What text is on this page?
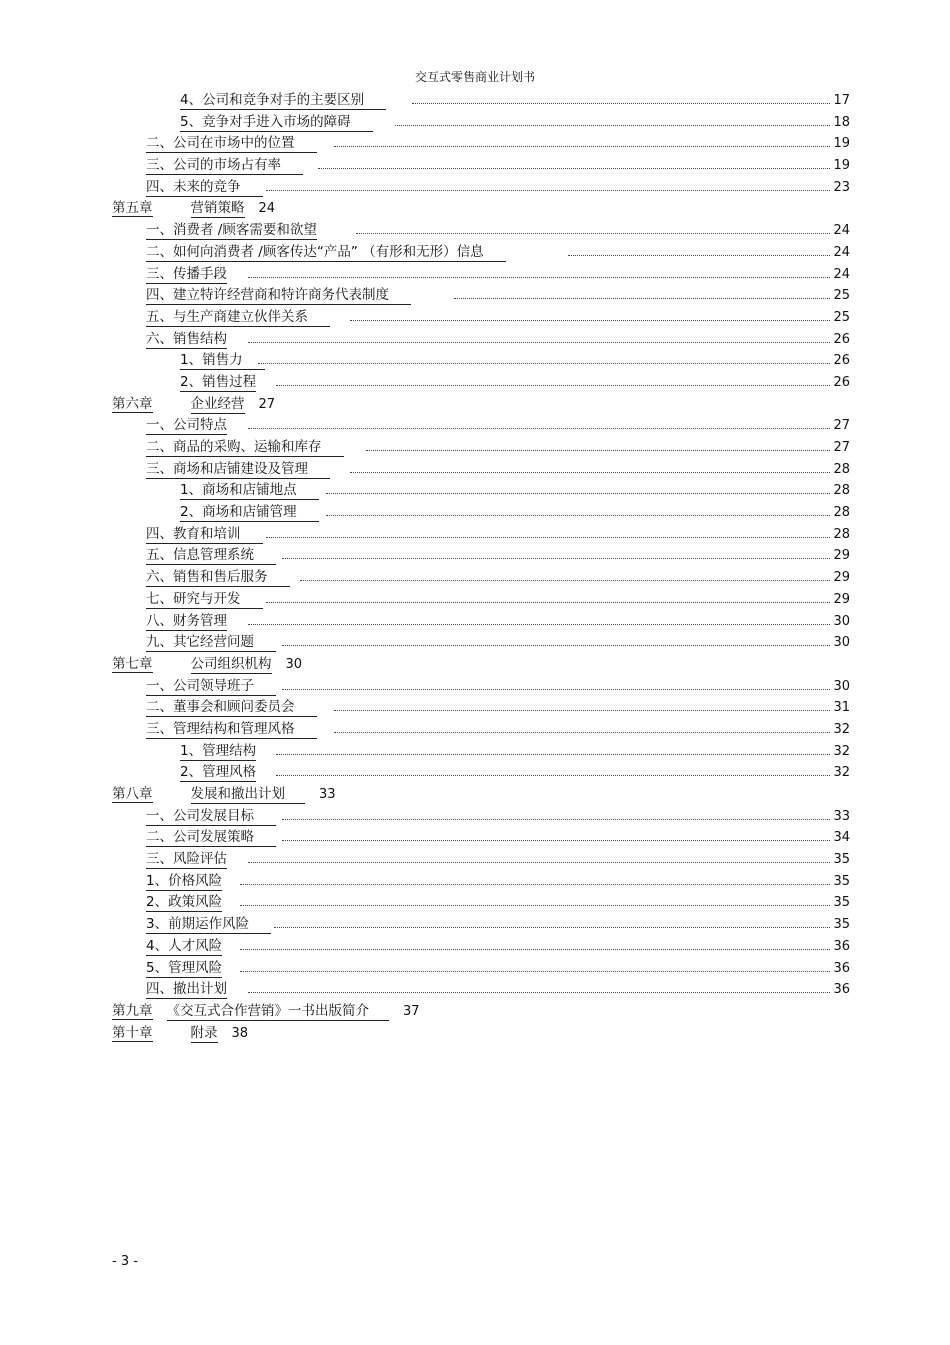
交互式零售商业计划书
4、公司和竞争对手的主要区别	17
5、竞争对手进入市场的障碍	18
二、公司在市场中的位置	19
三、公司的市场占有率	19
四、未来的竞争	23
第五章	营销策略 24
一、消费者 /顾客需要和欲望	24
二、如何向消费者 /顾客传达“产品” （有形和无形）信息	24
三、传播手段	24
四、建立特许经营商和特许商务代表制度	25
五、与生产商建立伙伴关系	25
六、销售结构	26
1、销售力	26
2、销售过程	26
第六章	企业经营 27
一、公司特点	27
二、商品的采购、运输和库存	27
三、商场和店铺建设及管理	28
1、商场和店铺地点	28
2、商场和店铺管理	28
四、教育和培训	28
五、信息管理系统	29
六、销售和售后服务	29
七、研究与开发	29
八、财务管理	30
九、其它经营问题	30
第七章	公司组织机构 30
一、公司领导班子	30
二、董事会和顾问委员会	31
三、管理结构和管理风格	32
1、管理结构	32
2、管理风格	32
第八章	发展和撤出计划	33
一、公司发展目标	33
二、公司发展策略	34
三、风险评估	35
1、价格风险	35
2、政策风险	35
3、前期运作风险	35
4、人才风险	36
5、管理风险	36
四、撤出计划	36
第九章 《交互式合作营销》一书出版简介	37
第十章	附录 38
- 3 -
